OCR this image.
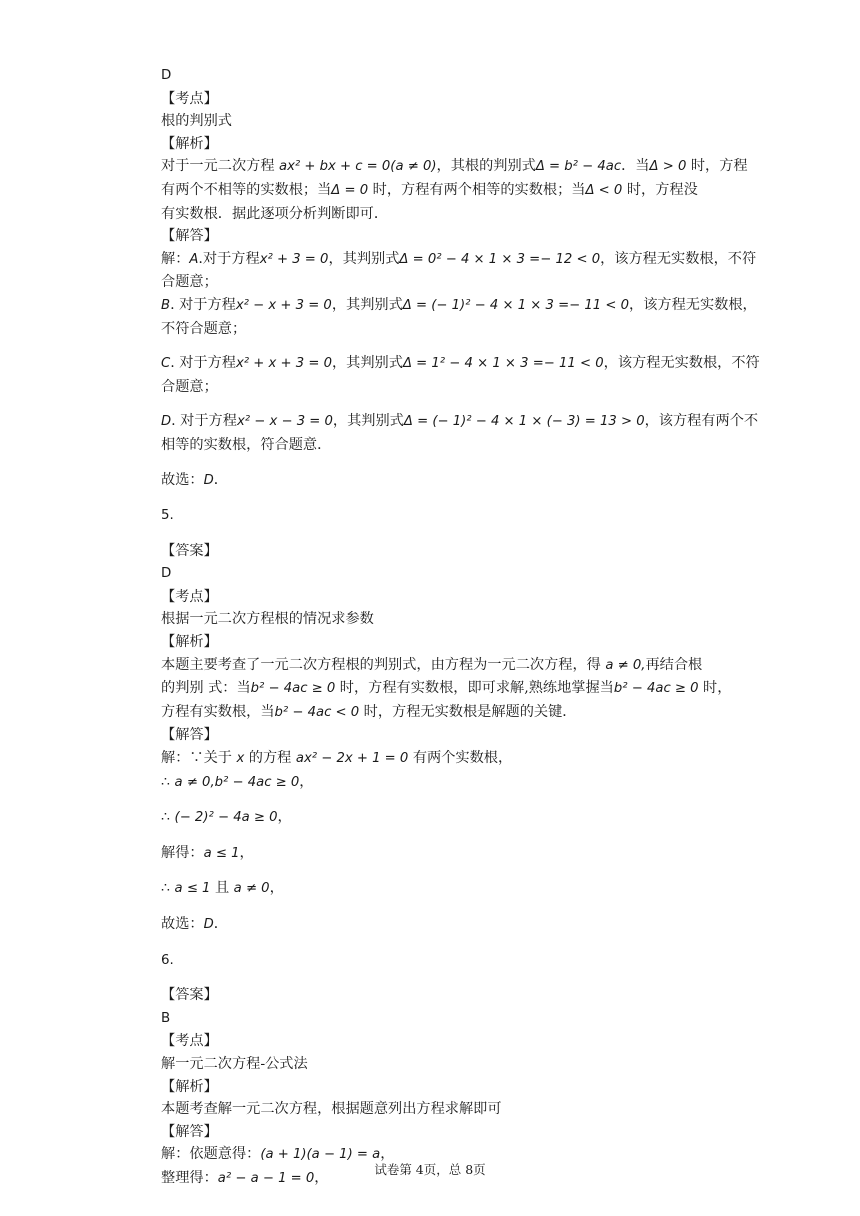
D
【考点】
根的判别式
【解析】
对于一元二次方程 ax² + bx + c = 0(a ≠ 0)，其根的判别式Δ = b² − 4ac．当Δ > 0 时，方程
有两个不相等的实数根；当Δ = 0 时，方程有两个相等的实数根；当Δ < 0 时，方程没
有实数根．据此逐项分析判断即可．
【解答】
解：A.对于方程x² + 3 = 0，其判别式Δ = 0² − 4 × 1 × 3 =− 12 < 0，该方程无实数根，不符
合题意；
B. 对于方程x² − x + 3 = 0，其判别式Δ = (− 1)² − 4 × 1 × 3 =− 11 < 0，该方程无实数根，
不符合题意；
C. 对于方程x² + x + 3 = 0，其判别式Δ = 1² − 4 × 1 × 3 =− 11 < 0，该方程无实数根，不符
合题意；
D. 对于方程x² − x − 3 = 0，其判别式Δ = (− 1)² − 4 × 1 × (− 3) = 13 > 0，该方程有两个不
相等的实数根，符合题意．
故选：D．
5.
【答案】
D
【考点】
根据一元二次方程根的情况求参数
【解析】
本题主要考查了一元二次方程根的判别式，由方程为一元二次方程，得 a ≠ 0,再结合根
的判别 式：当b² − 4ac ≥ 0 时，方程有实数根，即可求解,熟练地掌握当b² − 4ac ≥ 0 时，
方程有实数根，当b² − 4ac < 0 时，方程无实数根是解题的关键．
【解答】
解：∵关于 x 的方程 ax² − 2x + 1 = 0 有两个实数根，
∴ a ≠ 0,b² − 4ac ≥ 0，
∴ (− 2)² − 4a ≥ 0，
解得：a ≤ 1，
∴ a ≤ 1 且 a ≠ 0，
故选：D．
6.
【答案】
B
【考点】
解一元二次方程-公式法
【解析】
本题考查解一元二次方程，根据题意列出方程求解即可
【解答】
解：依题意得：(a + 1)(a − 1) = a，
整理得：a² − a − 1 = 0，
试卷第 4页，总 8页
